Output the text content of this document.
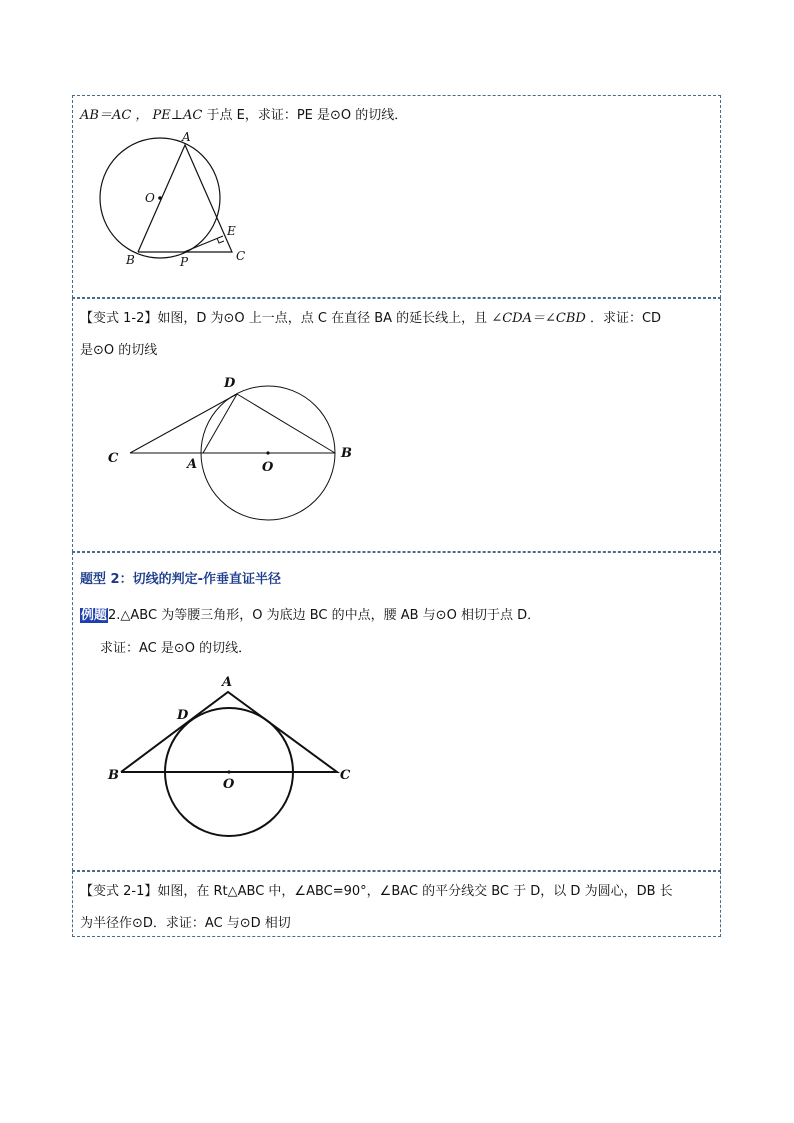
AB＝AC ， PE⊥AC 于点 E，求证：PE 是⊙O 的切线．
A
O
E
B	P	C
【变式 1-2】如图，D 为⊙O 上一点，点 C 在直径 BA 的延长线上，且 ∠CDA＝∠CBD ．求证：CD
是⊙O 的切线
D
C	A	O
B
题型 2：切线的判定-作垂直证半径
例题2.△ABC 为等腰三角形，O 为底边 BC 的中点，腰 AB 与⊙O 相切于点 D．
求证：AC 是⊙O 的切线．
A
D
B
O
C
【变式 2-1】如图，在 Rt△ABC 中，∠ABC=90°，∠BAC 的平分线交 BC 于 D，以 D 为圆心，DB 长
为半径作⊙D．求证：AC 与⊙D 相切
